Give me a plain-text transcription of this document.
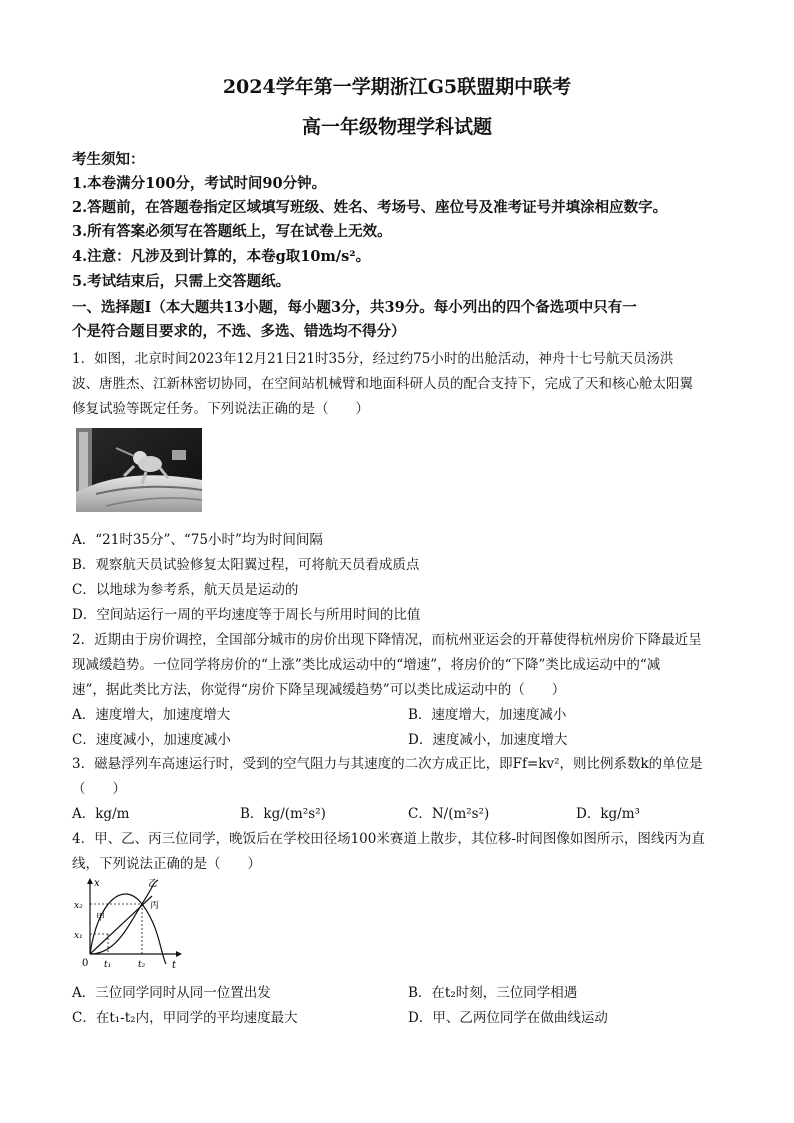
2024学年第一学期浙江G5联盟期中联考
高一年级物理学科试题
考生须知：
1.本卷满分100分，考试时间90分钟。
2.答题前，在答题卷指定区域填写班级、姓名、考场号、座位号及准考证号并填涂相应数字。
3.所有答案必须写在答题纸上，写在试卷上无效。
4.注意：凡涉及到计算的，本卷g取10m/s²。
5.考试结束后，只需上交答题纸。
一、选择题Ⅰ（本大题共13小题，每小题3分，共39分。每小列出的四个备选项中只有一
个是符合题目要求的，不选、多选、错选均不得分）
1．如图，北京时间2023年12月21日21时35分，经过约75小时的出舱活动，神舟十七号航天员汤洪
波、唐胜杰、江新林密切协同，在空间站机械臂和地面科研人员的配合支持下，完成了天和核心舱太阳翼
修复试验等既定任务。下列说法正确的是（　　）
A．“21时35分”、“75小时”均为时间间隔
B．观察航天员试验修复太阳翼过程，可将航天员看成质点
C．以地球为参考系，航天员是运动的
D．空间站运行一周的平均速度等于周长与所用时间的比值
2．近期由于房价调控，全国部分城市的房价出现下降情况，而杭州亚运会的开幕使得杭州房价下降最近呈
现减缓趋势。一位同学将房价的“上涨”类比成运动中的“增速”，将房价的“下降”类比成运动中的“减
速”，据此类比方法，你觉得“房价下降呈现减缓趋势”可以类比成运动中的（　　）
A．速度增大，加速度增大	B．速度增大，加速度减小
C．速度减小，加速度减小	D．速度减小，加速度增大
3．磁悬浮列车高速运行时，受到的空气阻力与其速度的二次方成正比，即Ff=kv²，则比例系数k的单位是
（　　）
A．kg/m	B．kg/(m²s²)	C．N/(m²s²)	D．kg/m³
4．甲、乙、丙三位同学，晚饭后在学校田径场100米赛道上散步，其位移-时间图像如图所示，图线丙为直
线，下列说法正确的是（　　）
x
t
0
x₂
x₁
t₁	t₂
甲
乙
丙
A．三位同学同时从同一位置出发	B．在t₂时刻，三位同学相遇
C．在t₁-t₂内，甲同学的平均速度最大	D．甲、乙两位同学在做曲线运动
